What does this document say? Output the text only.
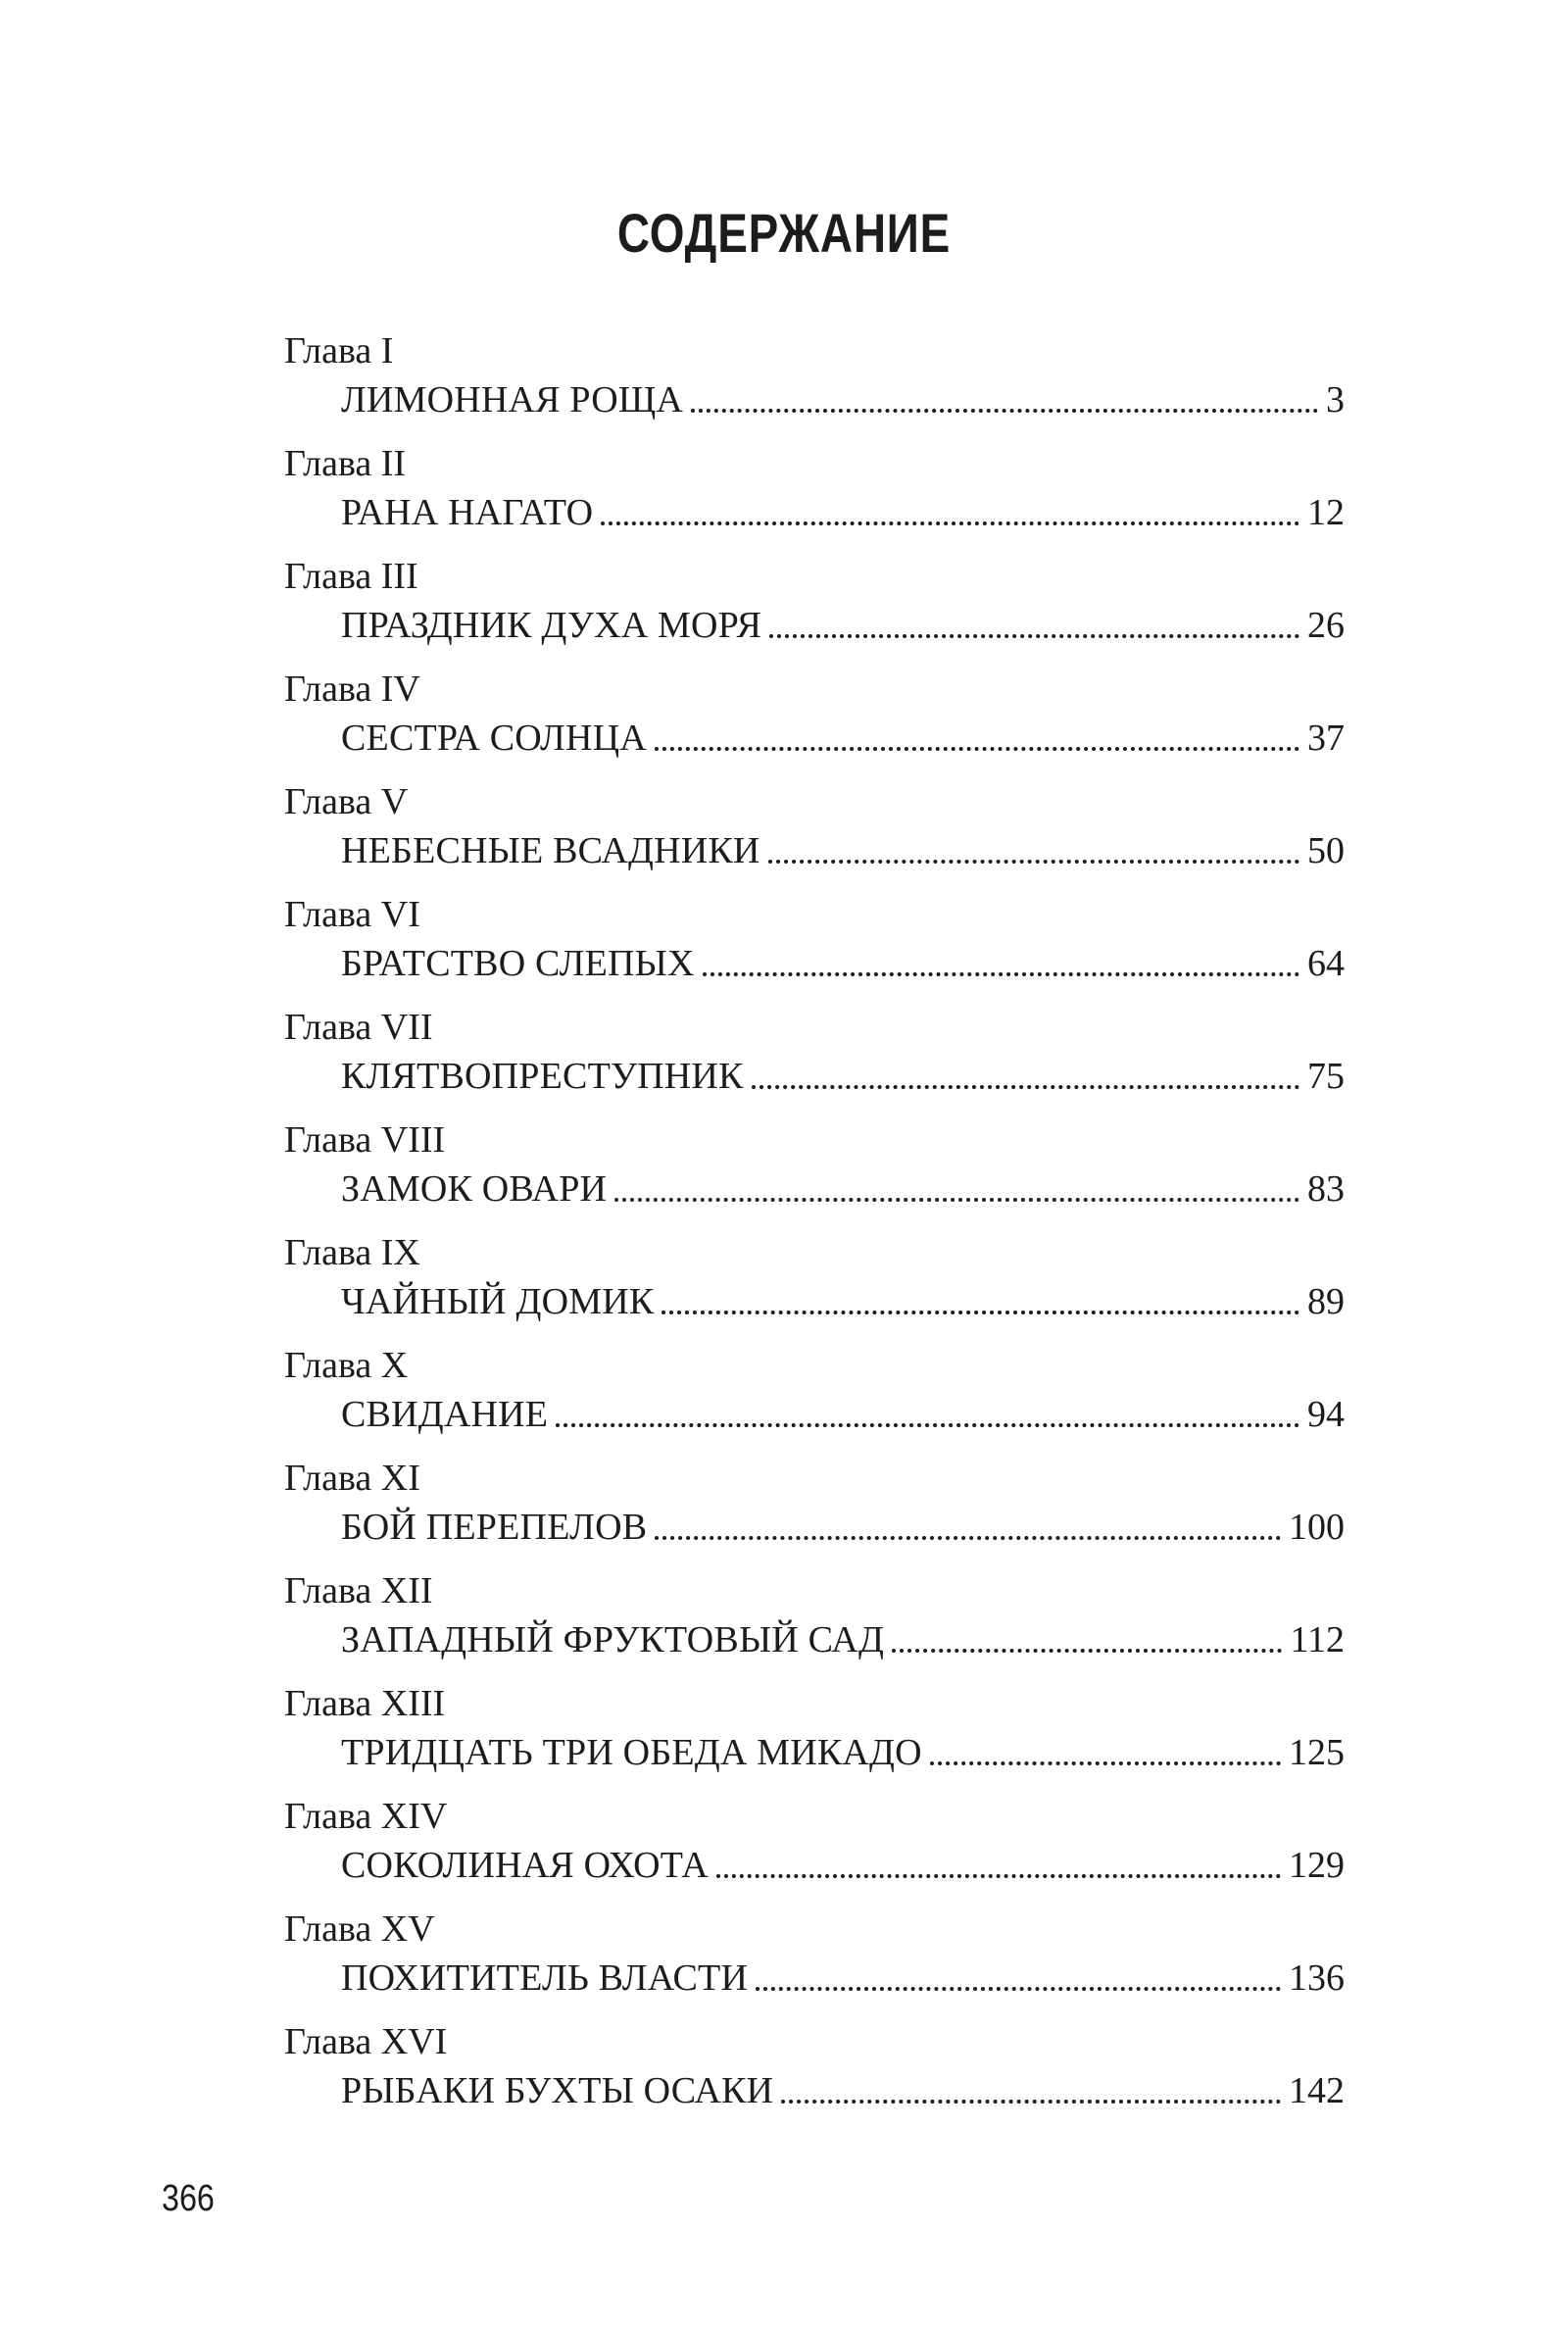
СОДЕРЖАНИЕ
Глава I
ЛИМОННАЯ РОЩА	3
Глава II
РАНА НАГАТО	12
Глава III
ПРАЗДНИК ДУХА МОРЯ	26
Глава IV
СЕСТРА СОЛНЦА	37
Глава V
НЕБЕСНЫЕ ВСАДНИКИ	50
Глава VI
БРАТСТВО СЛЕПЫХ	64
Глава VII
КЛЯТВОПРЕСТУПНИК	75
Глава VIII
ЗАМОК ОВАРИ	83
Глава IX
ЧАЙНЫЙ ДОМИК	89
Глава X
СВИДАНИЕ	94
Глава XI
БОЙ ПЕРЕПЕЛОВ	100
Глава XII
ЗАПАДНЫЙ ФРУКТОВЫЙ САД	112
Глава XIII
ТРИДЦАТЬ ТРИ ОБЕДА МИКАДО	125
Глава XIV
СОКОЛИНАЯ ОХОТА	129
Глава XV
ПОХИТИТЕЛЬ ВЛАСТИ	136
Глава XVI
РЫБАКИ БУХТЫ ОСАКИ	142
366
